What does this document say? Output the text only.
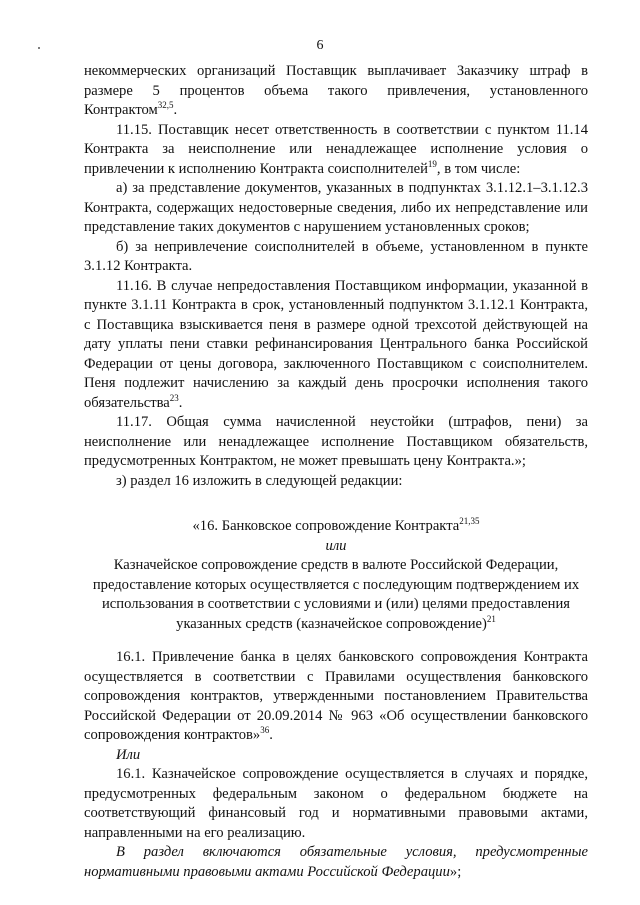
6

некоммерческих организаций Поставщик выплачивает Заказчику штраф в размере 5 процентов объема такого привлечения, установленного Контрактом$^{32,5}$.

11.15. Поставщик несет ответственность в соответствии с пунктом 11.14 Контракта за неисполнение или ненадлежащее исполнение условия о привлечении к исполнению Контракта соисполнителей$^{19}$, в том числе:

а) за представление документов, указанных в подпунктах 3.1.12.1–3.1.12.3 Контракта, содержащих недостоверные сведения, либо их непредставление или представление таких документов с нарушением установленных сроков;

б) за непривлечение соисполнителей в объеме, установленном в пункте 3.1.12 Контракта.

11.16. В случае непредоставления Поставщиком информации, указанной в пункте 3.1.11 Контракта в срок, установленный подпунктом 3.1.12.1 Контракта, с Поставщика взыскивается пеня в размере одной трехсотой действующей на дату уплаты пени ставки рефинансирования Центрального банка Российской Федерации от цены договора, заключенного Поставщиком с соисполнителем. Пеня подлежит начислению за каждый день просрочки исполнения такого обязательства$^{23}$.

11.17. Общая сумма начисленной неустойки (штрафов, пени) за неисполнение или ненадлежащее исполнение Поставщиком обязательств, предусмотренных Контрактом, не может превышать цену Контракта.»;

з) раздел 16 изложить в следующей редакции:

«16. Банковское сопровождение Контракта$^{21,35}$

или

Казначейское сопровождение средств в валюте Российской Федерации, предоставление которых осуществляется с последующим подтверждением их использования в соответствии с условиями и (или) целями предоставления указанных средств (казначейское сопровождение)$^{21}$

16.1. Привлечение банка в целях банковского сопровождения Контракта осуществляется в соответствии с Правилами осуществления банковского сопровождения контрактов, утвержденными постановлением Правительства Российской Федерации от 20.09.2014 № 963 «Об осуществлении банковского сопровождения контрактов»$^{36}$.

Или

16.1. Казначейское сопровождение осуществляется в случаях и порядке, предусмотренных федеральным законом о федеральном бюджете на соответствующий финансовый год и нормативными правовыми актами, направленными на его реализацию.

В раздел включаются обязательные условия, предусмотренные нормативными правовыми актами Российской Федерации»;
